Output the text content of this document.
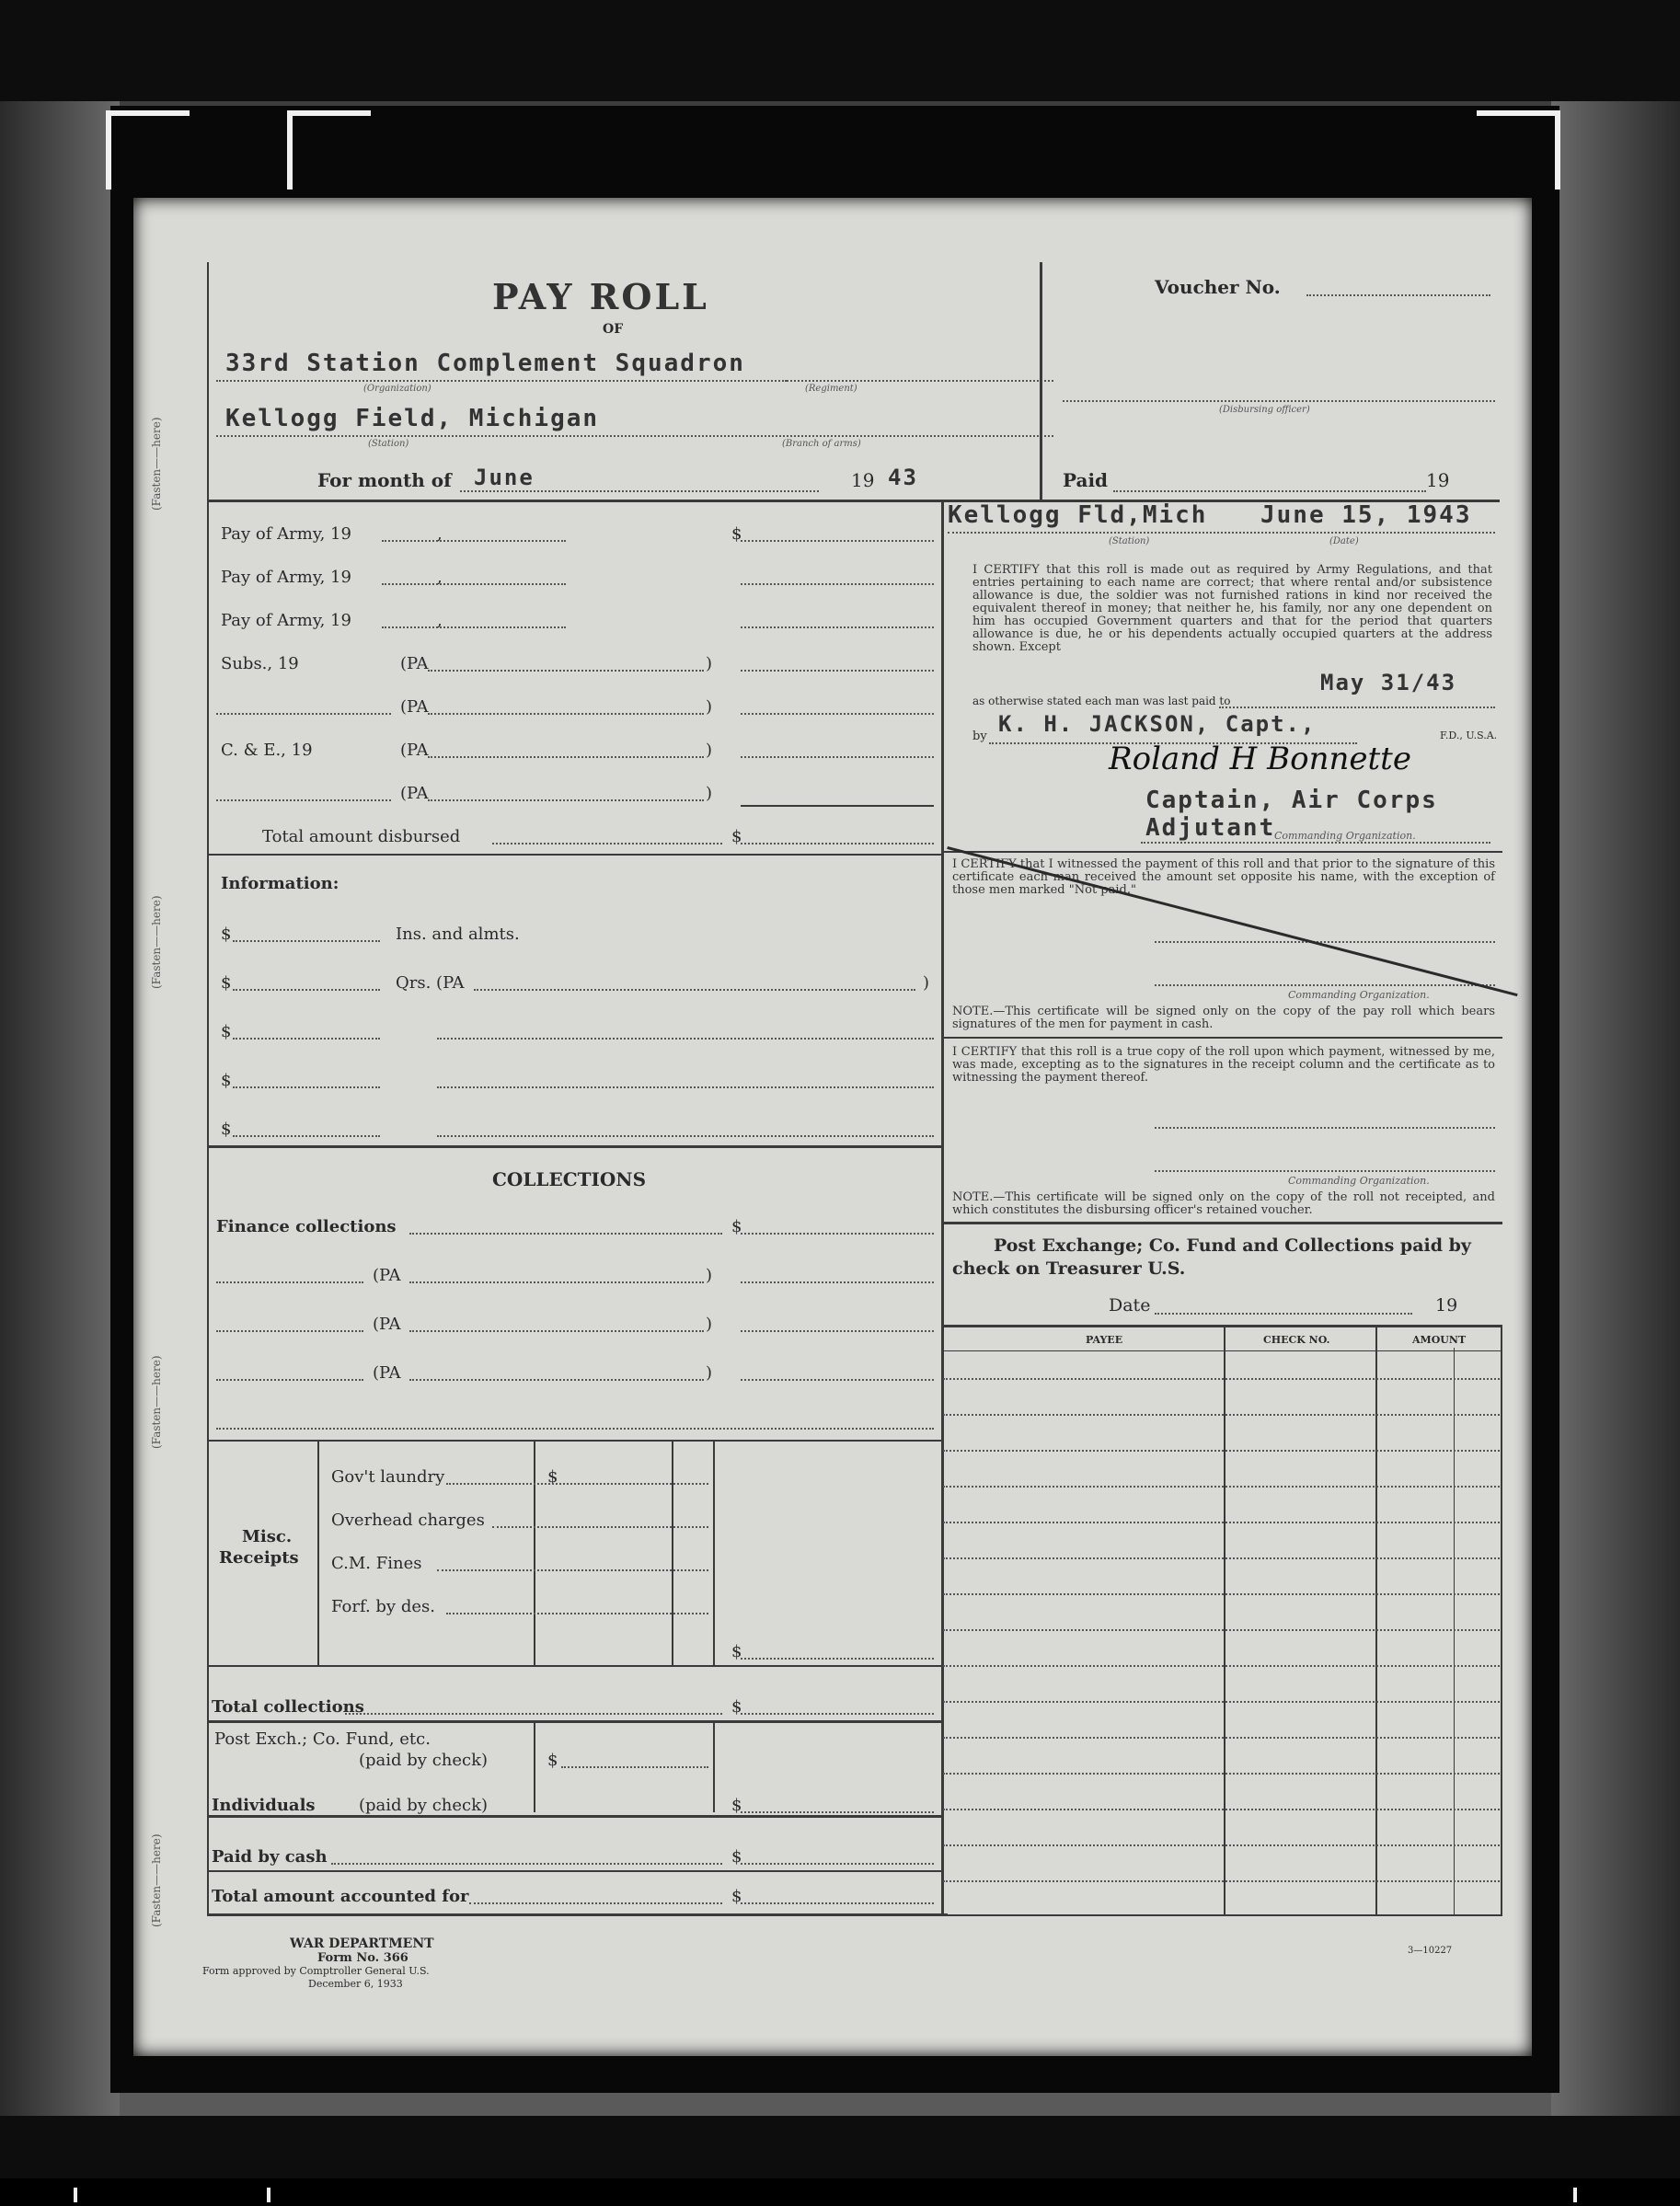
(Fasten——here)
(Fasten——here)
(Fasten——here)
(Fasten——here)
PAY ROLL
OF
33rd Station Complement Squadron
(Organization)	(Regiment)
Kellogg Field, Michigan
(Station)	(Branch of arms)
For month of June	19 43
Voucher No.
(Disbursing officer)
Paid	19
Pay of Army, 19	,	$
Pay of Army, 19	,
Pay of Army, 19	,
Subs., 19	(PA	)
(PA	)
C. & E., 19	(PA	)
(PA	)
Total amount disbursed	$
Information:
$	Ins. and almts.
$	Qrs. (PA	)
$
$
$
COLLECTIONS
Finance collections	$
(PA	)
(PA	)
(PA	)
Misc.
Receipts
Gov't laundry	$
Overhead charges
C.M. Fines
Forf. by des.
$
Total collections	$
Post Exch.; Co. Fund, etc.
(paid by check)	$
Individuals	(paid by check)	$
Paid by cash	$
Total amount accounted for	$
WAR DEPARTMENT
Form No. 366
Form approved by Comptroller General U.S.
December 6, 1933
3—10227
Kellogg Fld,Mich June 15, 1943
(Station)	(Date)
I CERTIFY that this roll is made out as required by Army Regulations, and that entries pertaining to each name are correct; that where rental and/or subsistence allowance is due, the soldier was not furnished rations in kind nor received the equivalent thereof in money; that neither he, his family, nor any one dependent on him has occupied Government quarters and that for the period that quarters allowance is due, he or his dependents actually occupied quarters at the address shown. Except
as otherwise stated each man was last paid to
May 31/43
by K. H. JACKSON, Capt.,	F.D., U.S.A.
Roland H Bonnette
Captain, Air Corps
Adjutant
Commanding Organization.
I CERTIFY that I witnessed the payment of this roll and that prior to the signature of this certificate each man received the amount set opposite his name, with the exception of those men marked "Not paid."
Commanding Organization.
NOTE.—This certificate will be signed only on the copy of the pay roll which bears signatures of the men for payment in cash.
I CERTIFY that this roll is a true copy of the roll upon which payment, witnessed by me, was made, excepting as to the signatures in the receipt column and the certificate as to witnessing the payment thereof.
Commanding Organization.
NOTE.—This certificate will be signed only on the copy of the roll not receipted, and which constitutes the disbursing officer's retained voucher.
Post Exchange; Co. Fund and Collections paid by
check on Treasurer U.S.
Date	19
PAYEE	CHECK NO.	AMOUNT
